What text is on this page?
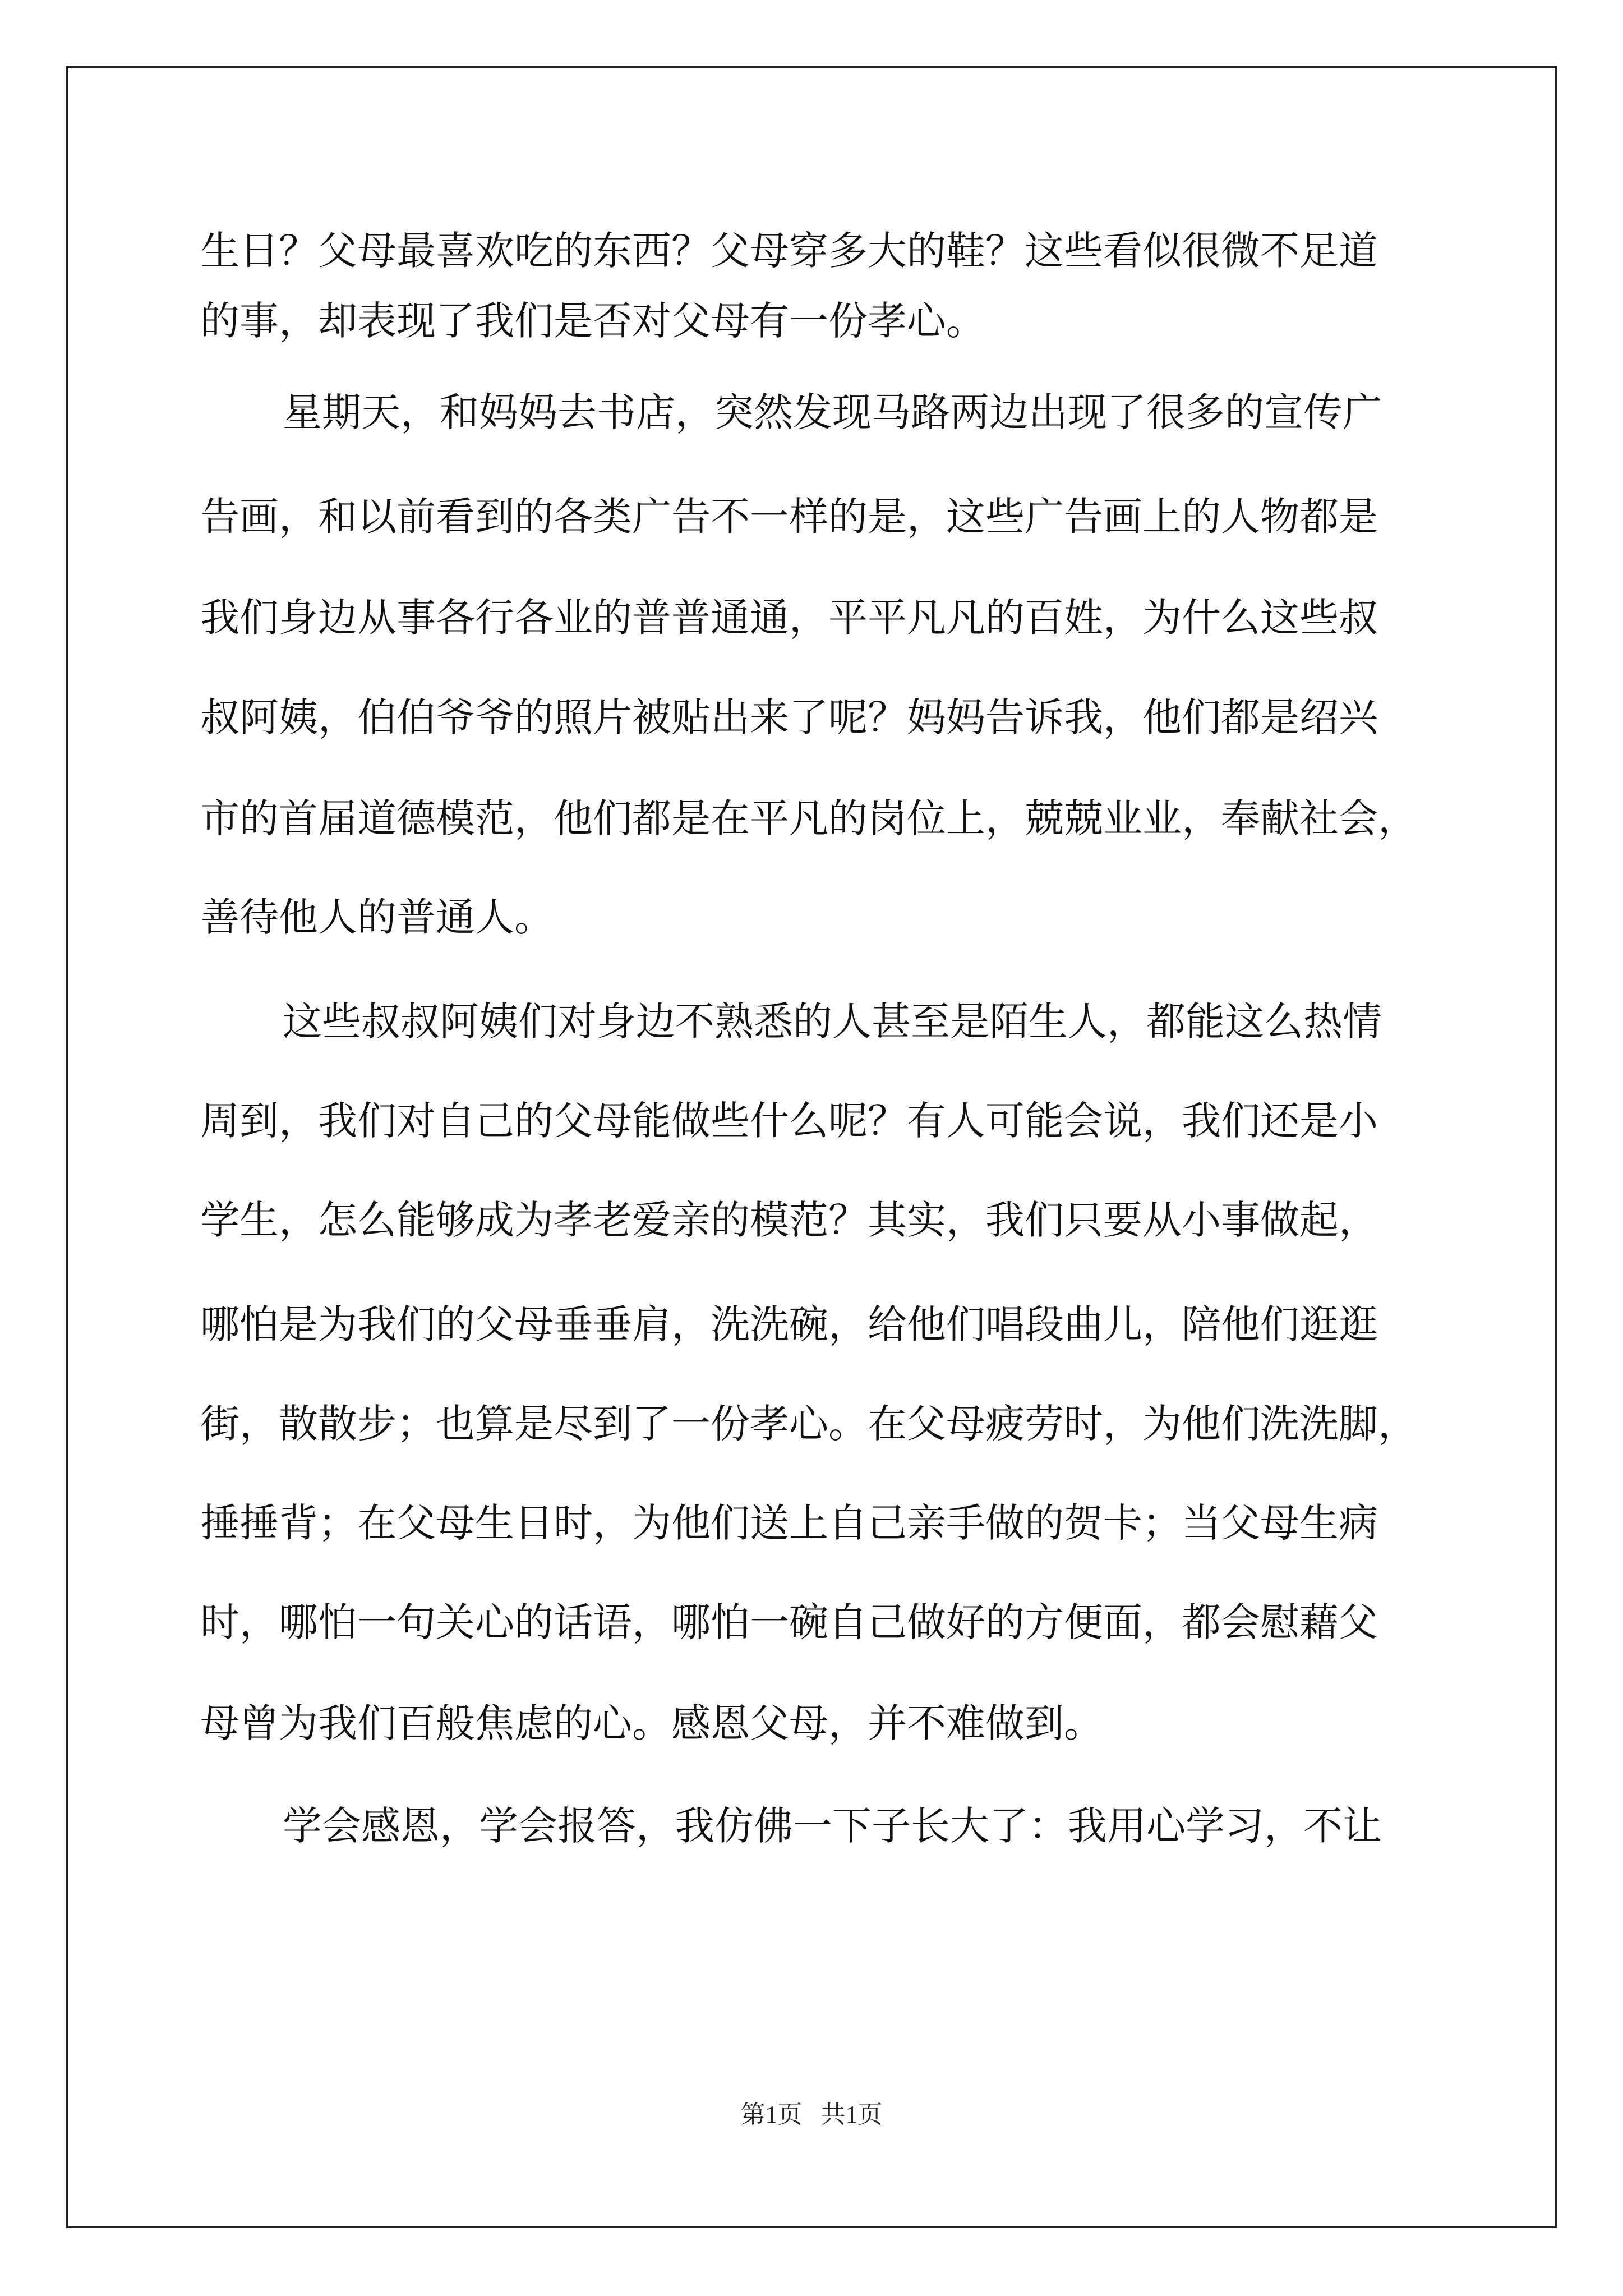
生日？父母最喜欢吃的东西？父母穿多大的鞋？这些看似很微不足道
的事，却表现了我们是否对父母有一份孝心。
星期天，和妈妈去书店，突然发现马路两边出现了很多的宣传广
告画，和以前看到的各类广告不一样的是，这些广告画上的人物都是
我们身边从事各行各业的普普通通，平平凡凡的百姓，为什么这些叔
叔阿姨，伯伯爷爷的照片被贴出来了呢？妈妈告诉我，他们都是绍兴
市的首届道德模范，他们都是在平凡的岗位上，兢兢业业，奉献社会，
善待他人的普通人。
这些叔叔阿姨们对身边不熟悉的人甚至是陌生人，都能这么热情
周到，我们对自己的父母能做些什么呢？有人可能会说，我们还是小
学生，怎么能够成为孝老爱亲的模范？其实，我们只要从小事做起，
哪怕是为我们的父母垂垂肩，洗洗碗，给他们唱段曲儿，陪他们逛逛
街，散散步；也算是尽到了一份孝心。在父母疲劳时，为他们洗洗脚，
捶捶背；在父母生日时，为他们送上自己亲手做的贺卡；当父母生病
时，哪怕一句关心的话语，哪怕一碗自己做好的方便面，都会慰藉父
母曾为我们百般焦虑的心。感恩父母，并不难做到。
学会感恩，学会报答，我仿佛一下子长大了：我用心学习，不让
第1页   共1页
